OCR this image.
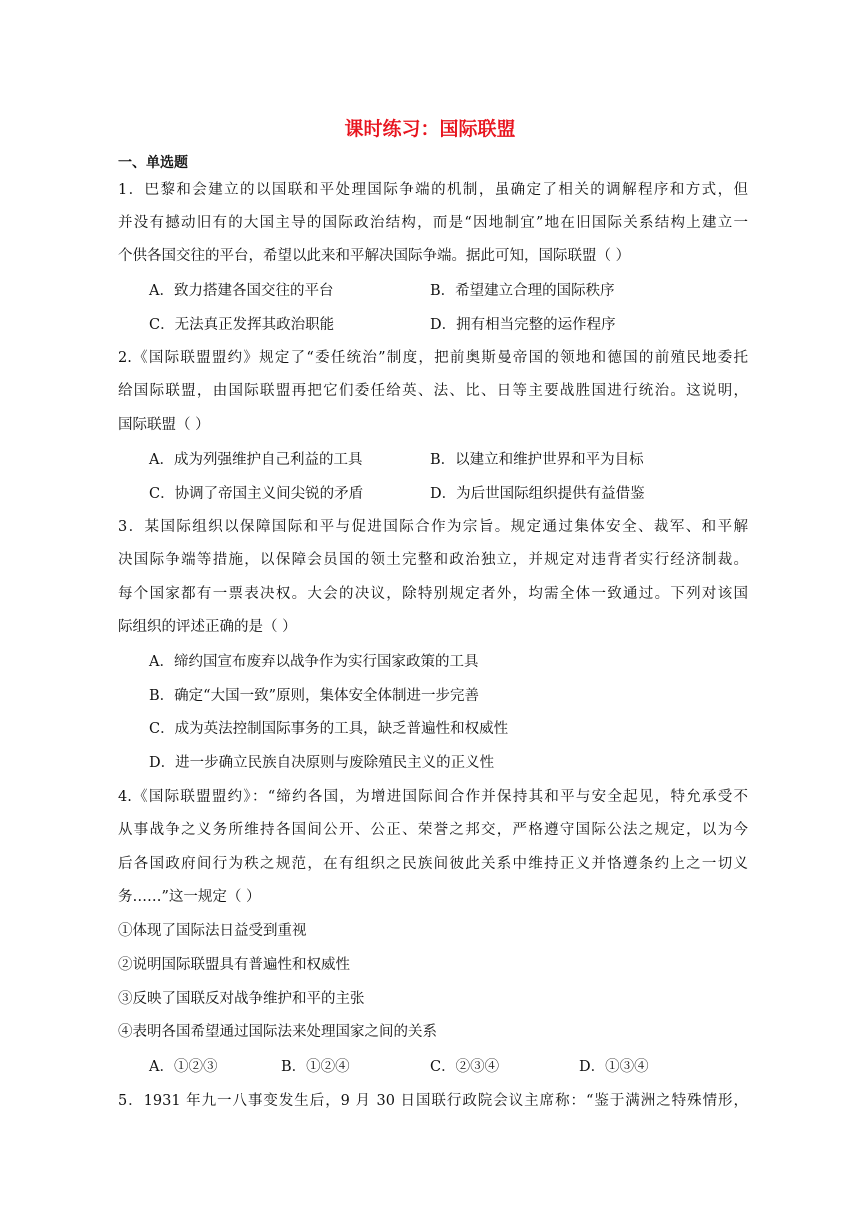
课时练习：国际联盟
一、单选题
1．巴黎和会建立的以国联和平处理国际争端的机制，虽确定了相关的调解程序和方式，但
并没有撼动旧有的大国主导的国际政治结构，而是“因地制宜”地在旧国际关系结构上建立一
个供各国交往的平台，希望以此来和平解决国际争端。据此可知，国际联盟（ ）
A．致力搭建各国交往的平台	B．希望建立合理的国际秩序
C．无法真正发挥其政治职能	D．拥有相当完整的运作程序
2.《国际联盟盟约》规定了“委任统治”制度，把前奥斯曼帝国的领地和德国的前殖民地委托
给国际联盟，由国际联盟再把它们委任给英、法、比、日等主要战胜国进行统治。这说明，
国际联盟（ ）
A．成为列强维护自己利益的工具	B．以建立和维护世界和平为目标
C．协调了帝国主义间尖锐的矛盾	D．为后世国际组织提供有益借鉴
3．某国际组织以保障国际和平与促进国际合作为宗旨。规定通过集体安全、裁军、和平解
决国际争端等措施，以保障会员国的领土完整和政治独立，并规定对违背者实行经济制裁。
每个国家都有一票表决权。大会的决议，除特别规定者外，均需全体一致通过。下列对该国
际组织的评述正确的是（ ）
A．缔约国宣布废弃以战争作为实行国家政策的工具
B．确定“大国一致”原则，集体安全体制进一步完善
C．成为英法控制国际事务的工具，缺乏普遍性和权威性
D．进一步确立民族自决原则与废除殖民主义的正义性
4.《国际联盟盟约》：“缔约各国，为增进国际间合作并保持其和平与安全起见，特允承受不
从事战争之义务所维持各国间公开、公正、荣誉之邦交，严格遵守国际公法之规定，以为今
后各国政府间行为秩之规范，在有组织之民族间彼此关系中维持正义并恪遵条约上之一切义
务……”这一规定（ ）
①体现了国际法日益受到重视
②说明国际联盟具有普遍性和权威性
③反映了国联反对战争维护和平的主张
④表明各国希望通过国际法来处理国家之间的关系
A．①②③	B．①②④	C．②③④	D．①③④
5．1931 年九一八事变发生后，9 月 30 日国联行政院会议主席称：“鉴于满洲之特殊情形，
